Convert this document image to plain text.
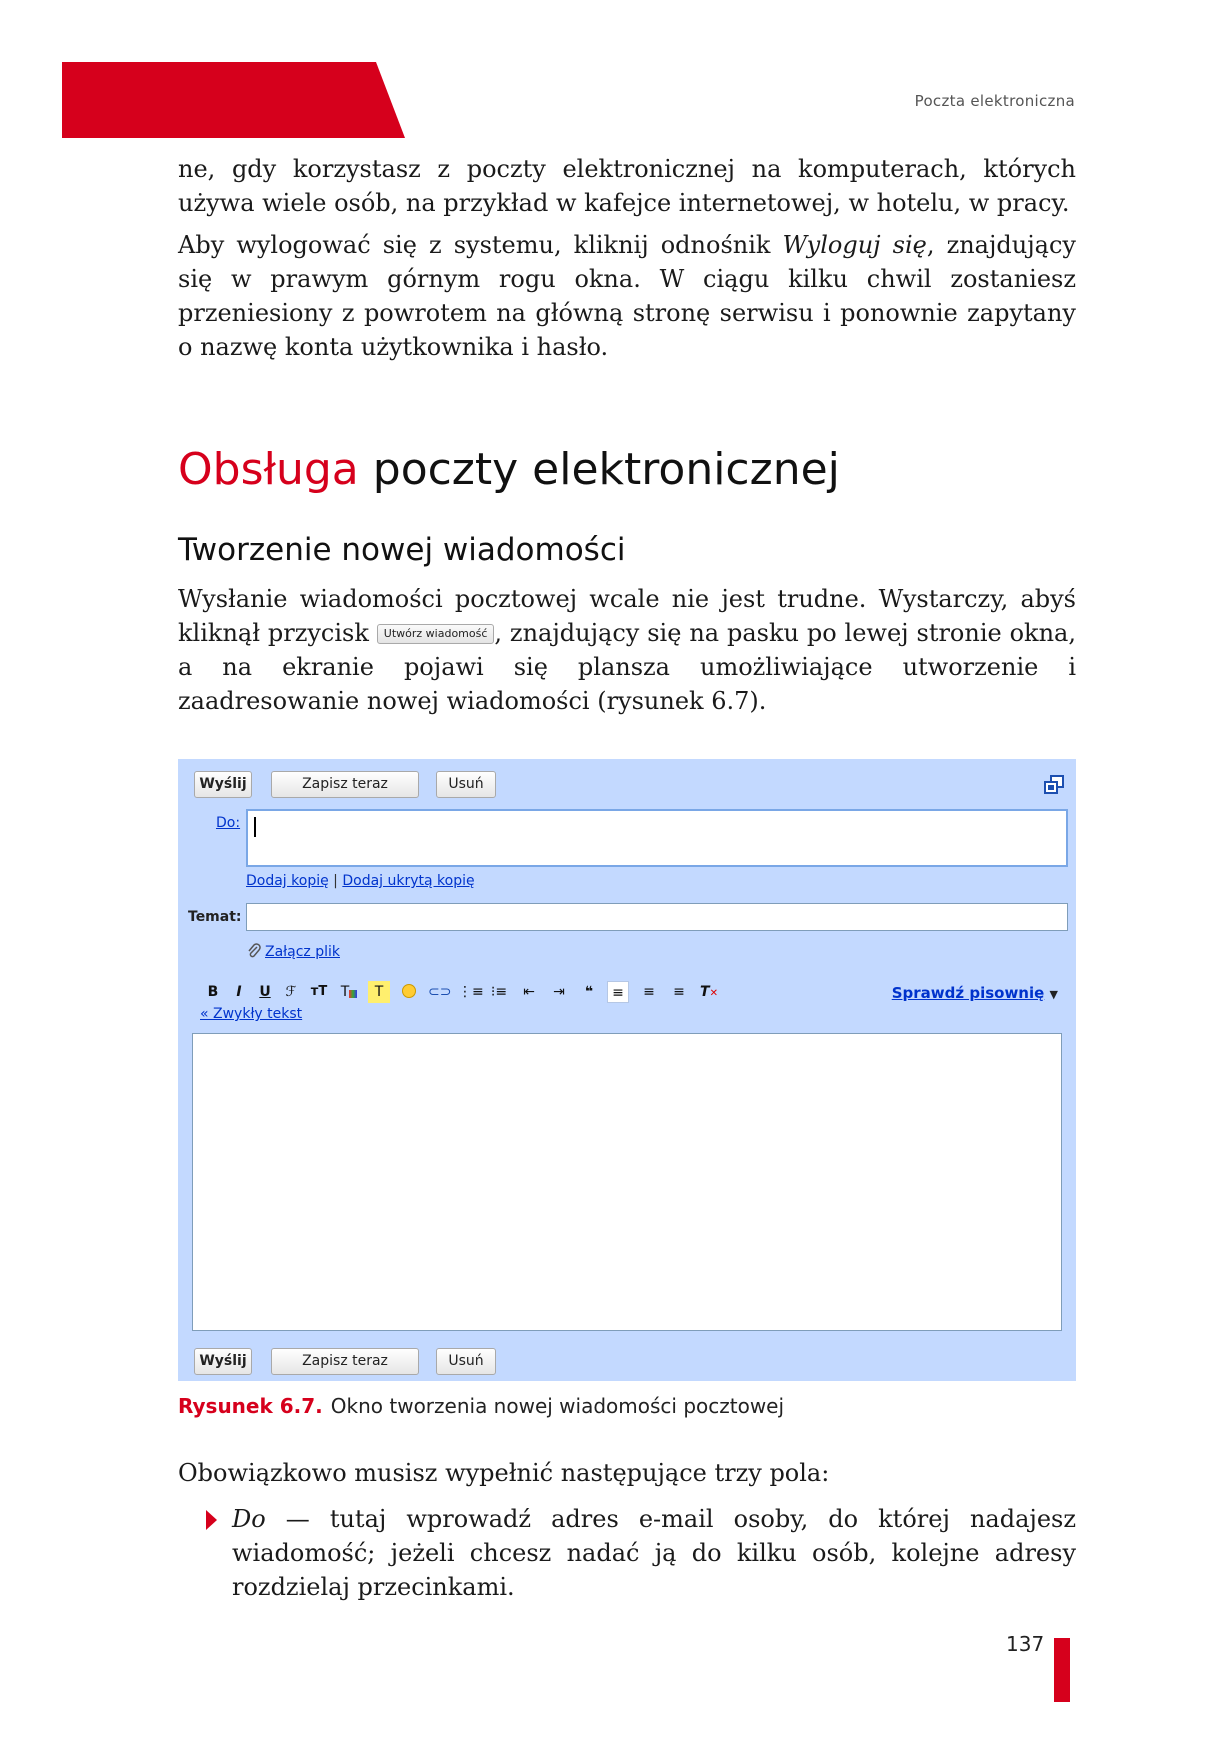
Poczta elektroniczna

ne, gdy korzystasz z poczty elektronicznej na komputerach, których używa wiele osób, na przykład w kafejce internetowej, w hotelu, w pracy.

Aby wylogować się z systemu, kliknij odnośnik Wyloguj się, znajdujący się w prawym górnym rogu okna. W ciągu kilku chwil zostaniesz przeniesiony z powrotem na główną stronę serwisu i ponownie zapytany o nazwę konta użytkownika i hasło.

Obsługa poczty elektronicznej
Tworzenie nowej wiadomości

Wysłanie wiadomości pocztowej wcale nie jest trudne. Wystarczy, abyś kliknął przycisk Utwórz wiadomość , znajdujący się na pasku po lewej stronie okna, a na ekranie pojawi się plansza umożliwiające utworzenie i zaadresowanie nowej wiadomości (rysunek 6.7).

Wyślij	Zapisz teraz	Usuń
Do:
Dodaj kopię | Dodaj ukrytą kopię
Temat:
Załącz plik
B	I	U	ℱ	ᴛT T	T	⊂⊃ ⋮≡ ⁝≡	⇤	⇥	❝	≡	≡	≡	T✕	Sprawdź pisownię ▼
« Zwykły tekst
Wyślij	Zapisz teraz	Usuń
Rysunek 6.7. Okno tworzenia nowej wiadomości pocztowej

Obowiązkowo musisz wypełnić następujące trzy pola:

Do — tutaj wprowadź adres e-mail osoby, do której nadajesz wiadomość; jeżeli chcesz nadać ją do kilku osób, kolejne adresy rozdzielaj przecinkami.
137
